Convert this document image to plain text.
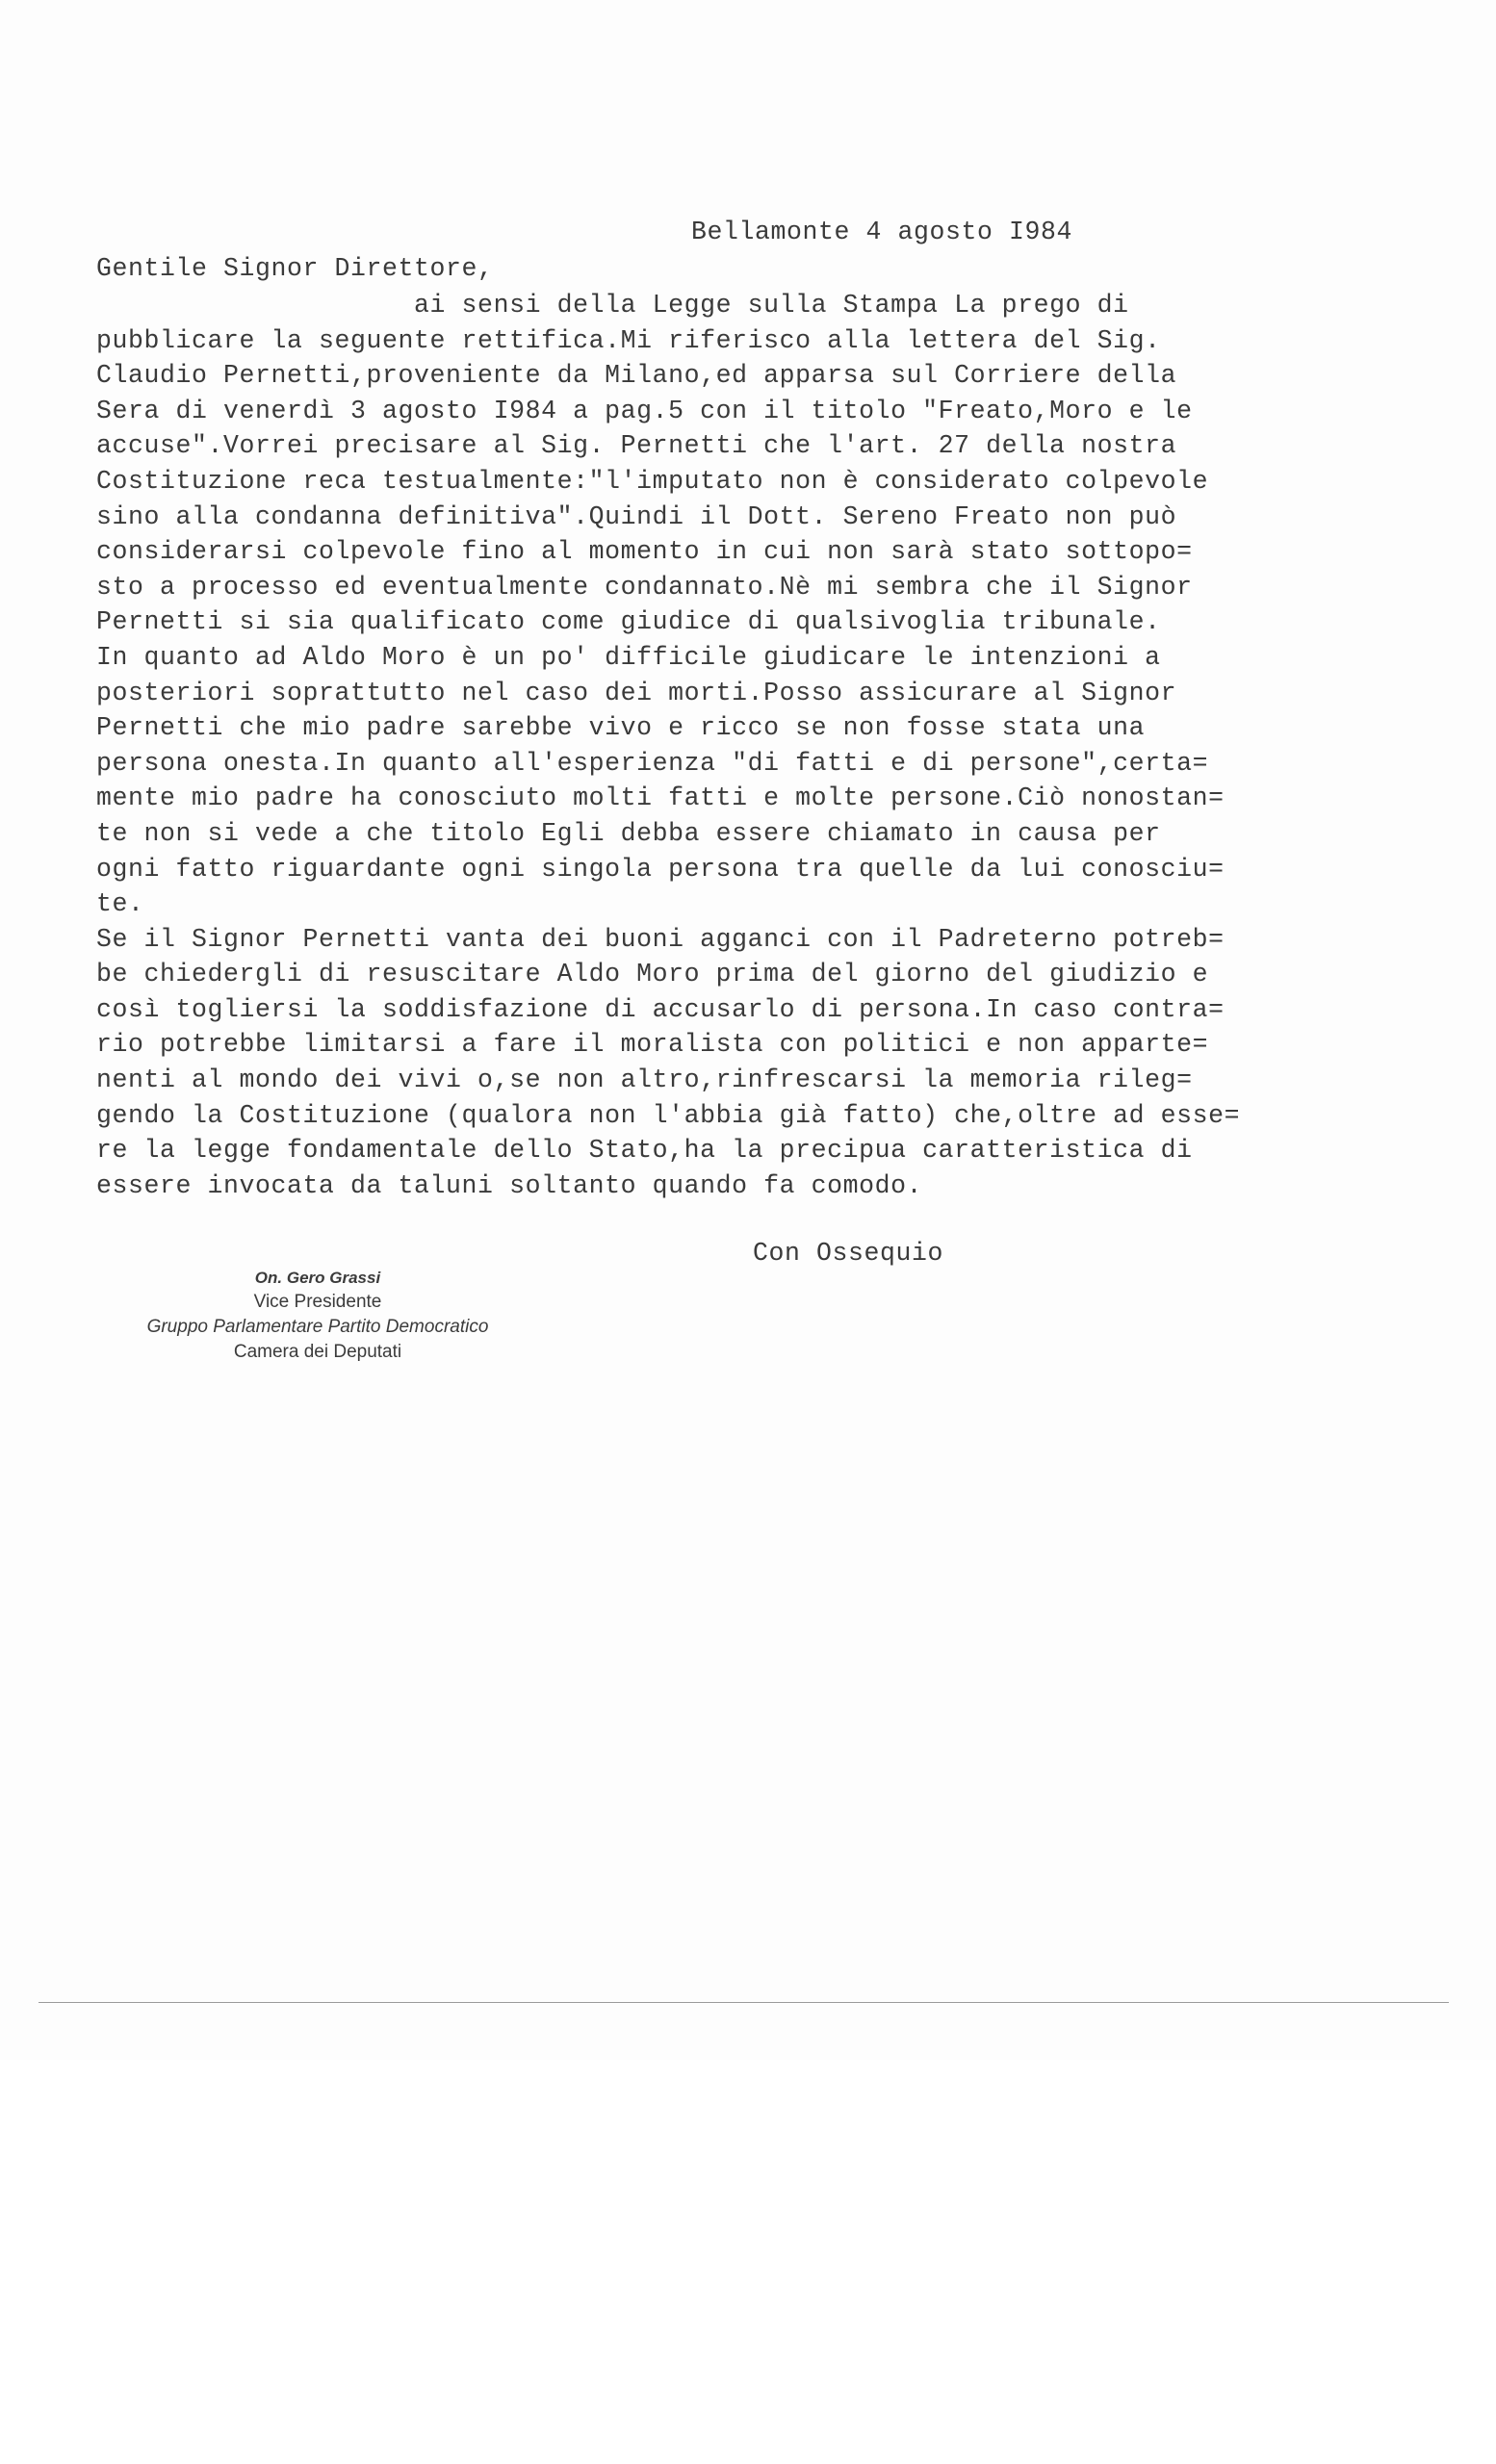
Bellamonte 4 agosto I984
Gentile Signor Direttore,
ai sensi della Legge sulla Stampa La prego di
pubblicare la seguente rettifica.Mi riferisco alla lettera del Sig.
Claudio Pernetti,proveniente da Milano,ed apparsa sul Corriere della
Sera di venerdì 3 agosto I984 a pag.5 con il titolo "Freato,Moro e le
accuse".Vorrei precisare al Sig. Pernetti che l'art. 27 della nostra
Costituzione reca testualmente:"l'imputato non è considerato colpevole
sino alla condanna definitiva".Quindi il Dott. Sereno Freato non può
considerarsi colpevole fino al momento in cui non sarà stato sottopo=
sto a processo ed eventualmente condannato.Nè mi sembra che il Signor
Pernetti si sia qualificato come giudice di qualsivoglia tribunale.
In quanto ad Aldo Moro è un po' difficile giudicare le intenzioni a
posteriori soprattutto nel caso dei morti.Posso assicurare al Signor
Pernetti che mio padre sarebbe vivo e ricco se non fosse stata una
persona onesta.In quanto all'esperienza "di fatti e di persone",certa=
mente mio padre ha conosciuto molti fatti e molte persone.Ciò nonostan=
te non si vede a che titolo Egli debba essere chiamato in causa per
ogni fatto riguardante ogni singola persona tra quelle da lui conosciu=
te.
Se il Signor Pernetti vanta dei buoni agganci con il Padreterno potreb=
be chiedergli di resuscitare Aldo Moro prima del giorno del giudizio e
così togliersi la soddisfazione di accusarlo di persona.In caso contra=
rio potrebbe limitarsi a fare il moralista con politici e non apparte=
nenti al mondo dei vivi o,se non altro,rinfrescarsi la memoria rileg=
gendo la Costituzione (qualora non l'abbia già fatto) che,oltre ad esse=
re la legge fondamentale dello Stato,ha la precipua caratteristica di
essere invocata da taluni soltanto quando fa comodo.
Con Ossequio
On. Gero Grassi
Vice Presidente
Gruppo Parlamentare Partito Democratico
Camera dei Deputati
